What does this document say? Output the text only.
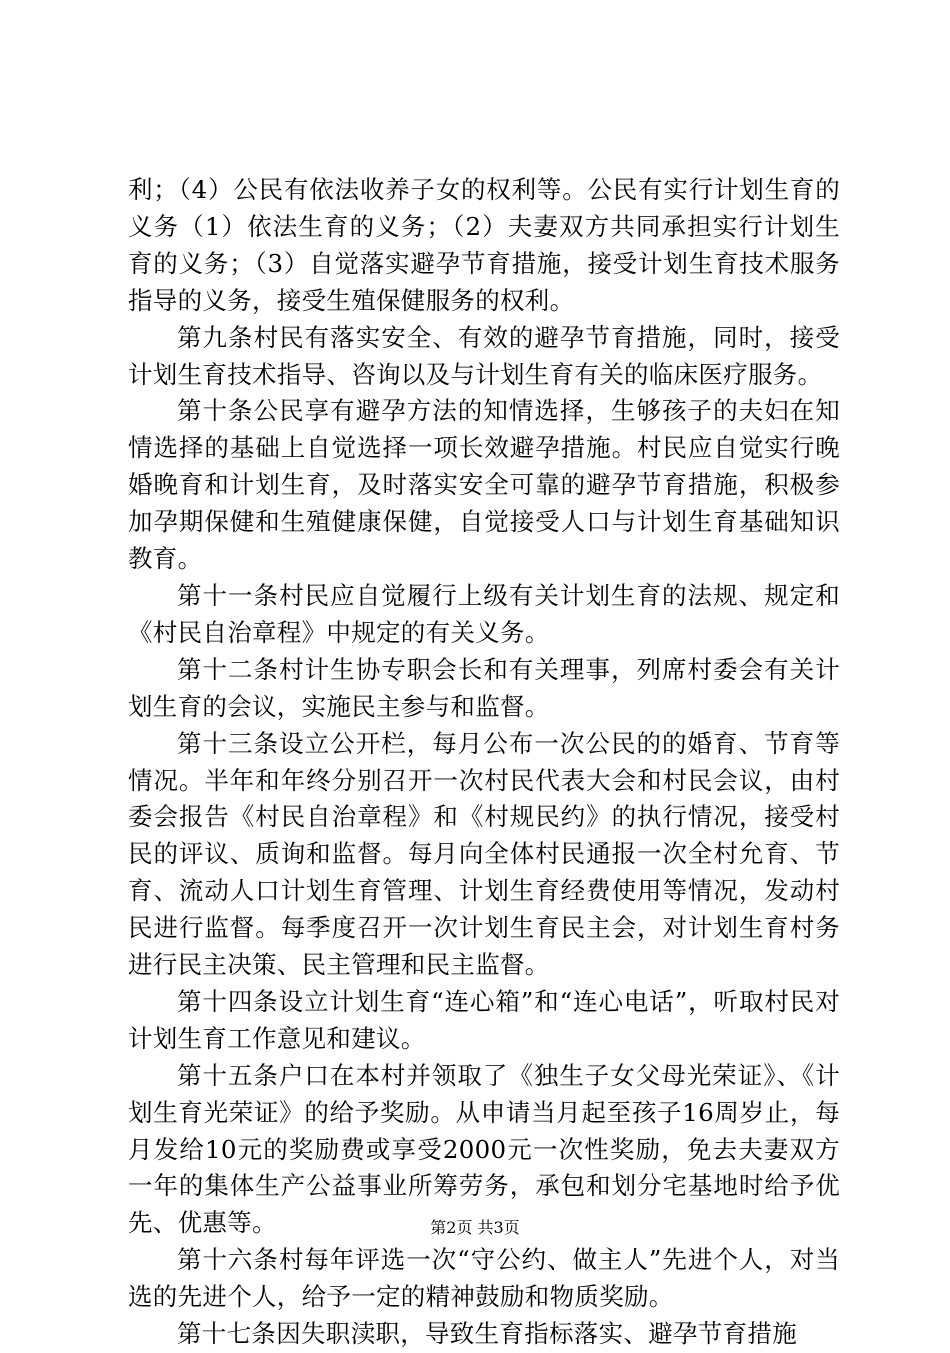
利；（4）公民有依法收养子女的权利等。公民有实行计划生育的义务（1）依法生育的义务；（2）夫妻双方共同承担实行计划生育的义务；（3）自觉落实避孕节育措施，接受计划生育技术服务指导的义务，接受生殖保健服务的权利。

第九条村民有落实安全、有效的避孕节育措施，同时，接受计划生育技术指导、咨询以及与计划生育有关的临床医疗服务。

第十条公民享有避孕方法的知情选择，生够孩子的夫妇在知情选择的基础上自觉选择一项长效避孕措施。村民应自觉实行晚婚晚育和计划生育，及时落实安全可靠的避孕节育措施，积极参加孕期保健和生殖健康保健，自觉接受人口与计划生育基础知识教育。

第十一条村民应自觉履行上级有关计划生育的法规、规定和《村民自治章程》中规定的有关义务。

第十二条村计生协专职会长和有关理事，列席村委会有关计划生育的会议，实施民主参与和监督。

第十三条设立公开栏，每月公布一次公民的的婚育、节育等情况。半年和年终分别召开一次村民代表大会和村民会议，由村委会报告《村民自治章程》和《村规民约》的执行情况，接受村民的评议、质询和监督。每月向全体村民通报一次全村允育、节育、流动人口计划生育管理、计划生育经费使用等情况，发动村民进行监督。每季度召开一次计划生育民主会，对计划生育村务进行民主决策、民主管理和民主监督。

第十四条设立计划生育“连心箱”和“连心电话”，听取村民对计划生育工作意见和建议。

第十五条户口在本村并领取了《独生子女父母光荣证》、《计划生育光荣证》的给予奖励。从申请当月起至孩子16周岁止，每月发给10元的奖励费或享受2000元一次性奖励，免去夫妻双方一年的集体生产公益事业所筹劳务，承包和划分宅基地时给予优先、优惠等。

第十六条村每年评选一次“守公约、做主人”先进个人，对当选的先进个人，给予一定的精神鼓励和物质奖励。

第十七条因失职渎职，导致生育指标落实、避孕节育措施

第2页 共3页
